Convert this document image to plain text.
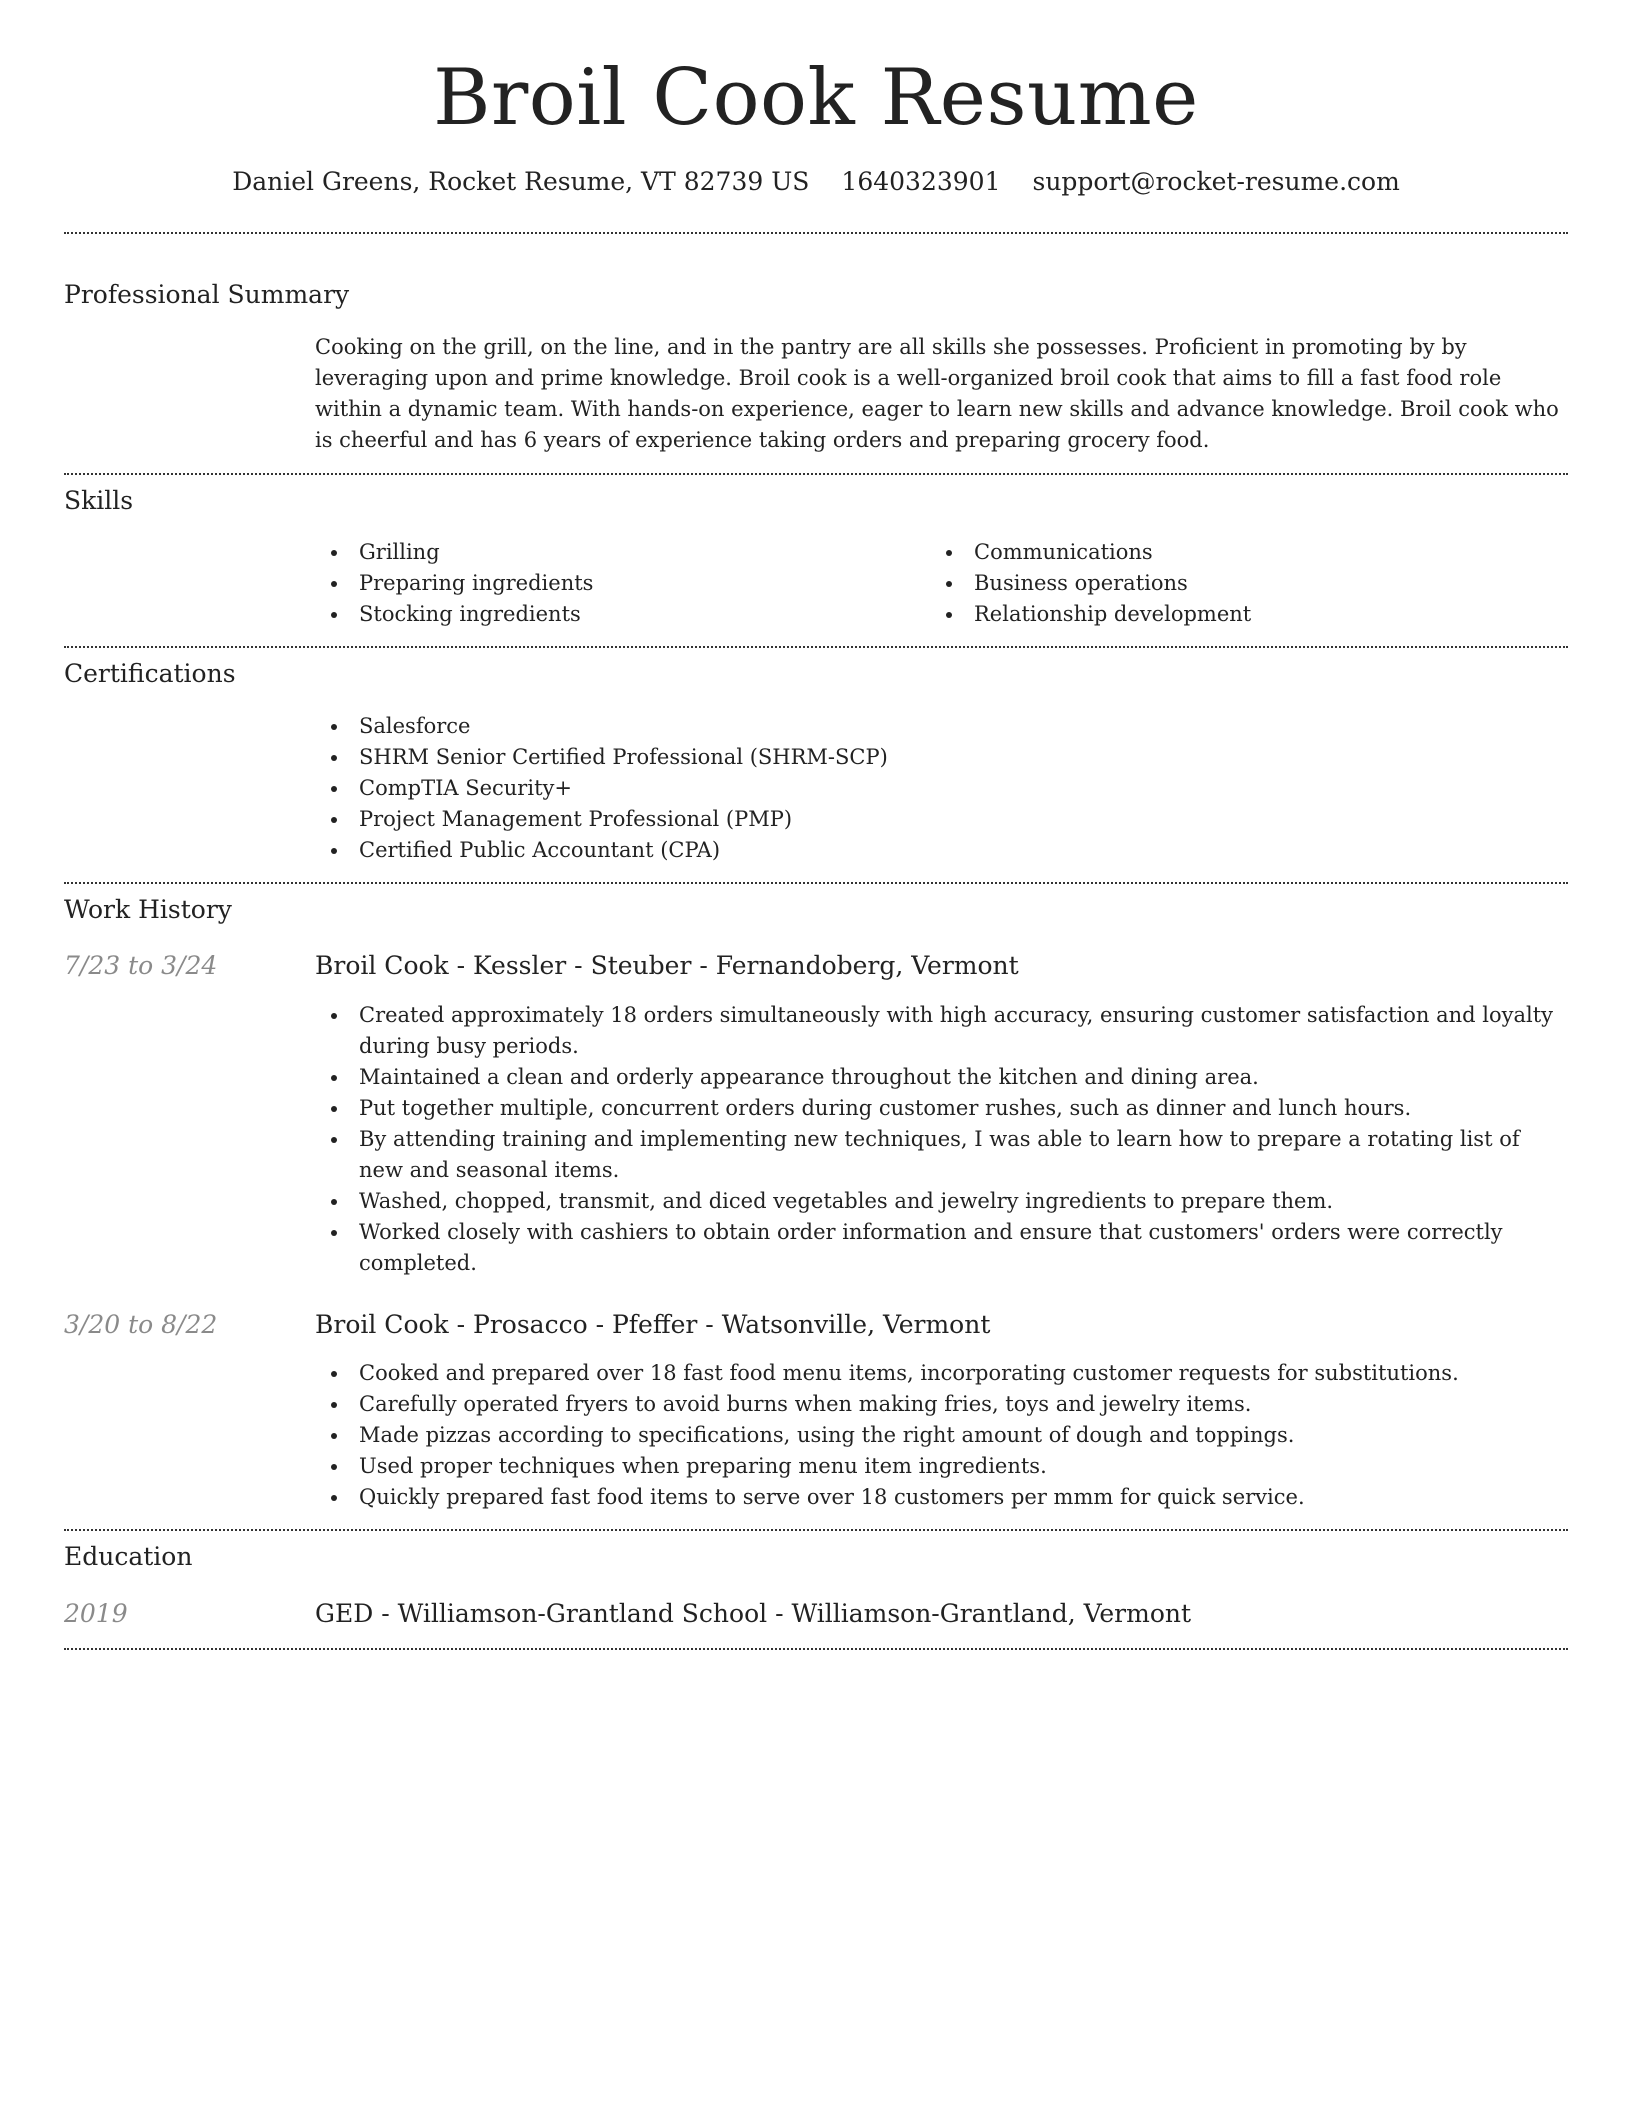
Broil Cook Resume
Daniel Greens, Rocket Resume, VT 82739 US 1640323901 support@rocket-resume.com
Professional Summary

Cooking on the grill, on the line, and in the pantry are all skills she possesses. Proficient in promoting by by leveraging upon and prime knowledge. Broil cook is a well-organized broil cook that aims to fill a fast food role within a dynamic team. With hands-on experience, eager to learn new skills and advance knowledge. Broil cook who is cheerful and has 6 years of experience taking orders and preparing grocery food.

Skills
Grilling
Preparing ingredients
Stocking ingredients
Communications
Business operations
Relationship development
Certifications
Salesforce
SHRM Senior Certified Professional (SHRM-SCP)
CompTIA Security+
Project Management Professional (PMP)
Certified Public Accountant (CPA)
Work History
7/23 to 3/24	Broil Cook - Kessler - Steuber - Fernandoberg, Vermont
Created approximately 18 orders simultaneously with high accuracy, ensuring customer satisfaction and loyalty during busy periods.
Maintained a clean and orderly appearance throughout the kitchen and dining area.
Put together multiple, concurrent orders during customer rushes, such as dinner and lunch hours.
By attending training and implementing new techniques, I was able to learn how to prepare a rotating list of new and seasonal items.
Washed, chopped, transmit, and diced vegetables and jewelry ingredients to prepare them.
Worked closely with cashiers to obtain order information and ensure that customers' orders were correctly completed.
3/20 to 8/22	Broil Cook - Prosacco - Pfeffer - Watsonville, Vermont
Cooked and prepared over 18 fast food menu items, incorporating customer requests for substitutions.
Carefully operated fryers to avoid burns when making fries, toys and jewelry items.
Made pizzas according to specifications, using the right amount of dough and toppings.
Used proper techniques when preparing menu item ingredients.
Quickly prepared fast food items to serve over 18 customers per mmm for quick service.
Education
2019	GED - Williamson-Grantland School - Williamson-Grantland, Vermont
